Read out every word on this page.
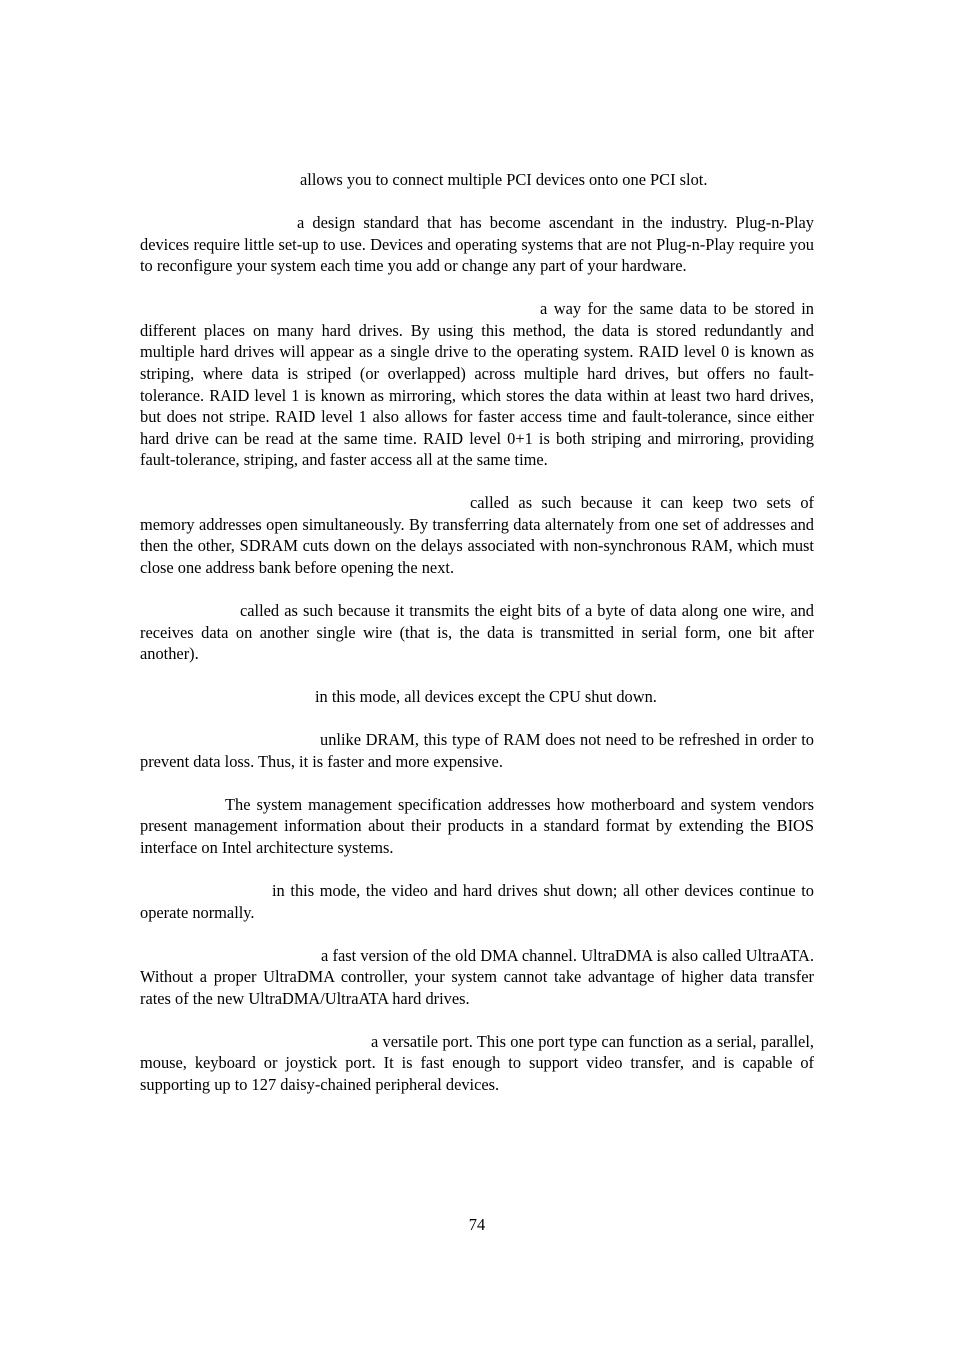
allows you to connect multiple PCI devices onto one PCI slot.

a design standard that has become ascendant in the industry. Plug-n-Play devices require little set-up to use. Devices and operating systems that are not Plug-n-Play require you to reconfigure your system each time you add or change any part of your hardware.

a way for the same data to be stored in different places on many hard drives. By using this method, the data is stored redundantly and multiple hard drives will appear as a single drive to the operating system. RAID level 0 is known as striping, where data is striped (or overlapped) across multiple hard drives, but offers no fault-tolerance. RAID level 1 is known as mirroring, which stores the data within at least two hard drives, but does not stripe. RAID level 1 also allows for faster access time and fault-tolerance, since either hard drive can be read at the same time. RAID level 0+1 is both striping and mirroring, providing fault-tolerance, striping, and faster access all at the same time.

called as such because it can keep two sets of memory addresses open simultaneously. By transferring data alternately from one set of addresses and then the other, SDRAM cuts down on the delays associated with non-synchronous RAM, which must close one address bank before opening the next.

called as such because it transmits the eight bits of a byte of data along one wire, and receives data on another single wire (that is, the data is transmitted in serial form, one bit after another).

in this mode, all devices except the CPU shut down.

unlike DRAM, this type of RAM does not need to be refreshed in order to prevent data loss. Thus, it is faster and more expensive.

The system management specification addresses how motherboard and system vendors present management information about their products in a standard format by extending the BIOS interface on Intel architecture systems.

in this mode, the video and hard drives shut down; all other devices continue to operate normally.

a fast version of the old DMA channel. UltraDMA is also called UltraATA. Without a proper UltraDMA controller, your system cannot take advantage of higher data transfer rates of the new UltraDMA/UltraATA hard drives.

a versatile port. This one port type can function as a serial, parallel, mouse, keyboard or joystick port. It is fast enough to support video transfer, and is capable of supporting up to 127 daisy-chained peripheral devices.

74
